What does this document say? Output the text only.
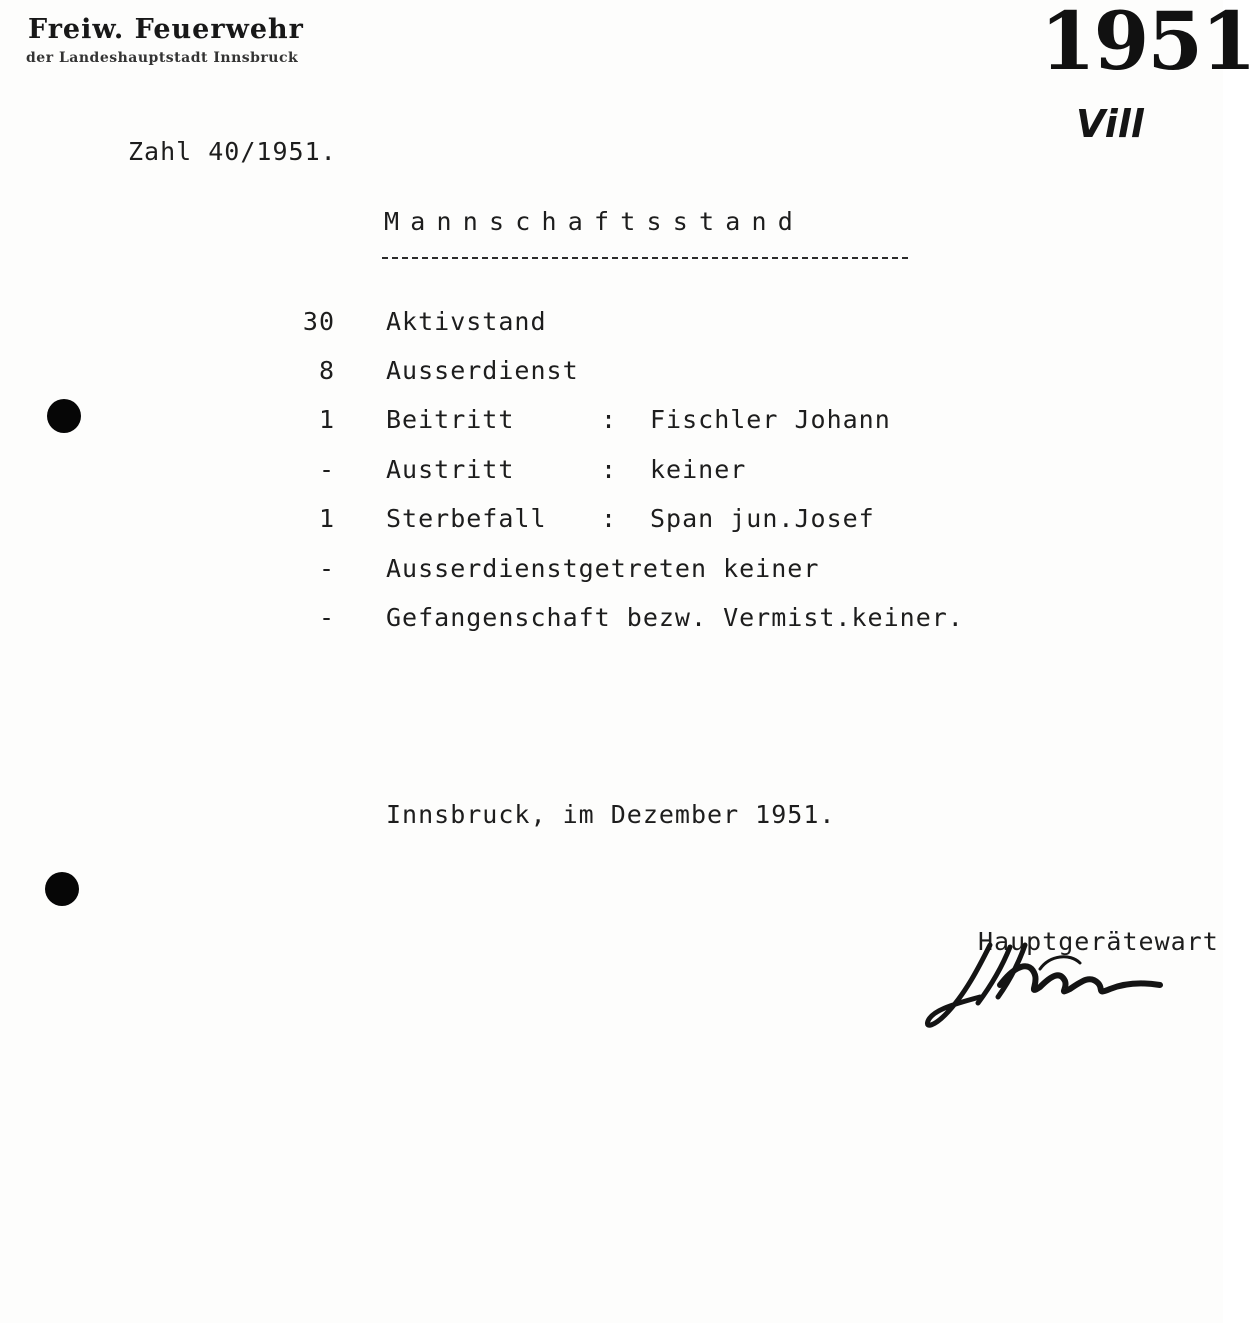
Freiw. Feuerwehr
der Landeshauptstadt Innsbruck	1951
Vill
Zahl 40/1951.
Mannschaftsstand
30 Aktivstand
8 Ausserdienst
1 Beitritt	: Fischler Johann
- Austritt	: keiner
1 Sterbefall : Span jun.Josef
- Ausserdienstgetreten keiner
- Gefangenschaft bezw. Vermist.keiner.
Innsbruck, im Dezember 1951.
Hauptgerätewart
